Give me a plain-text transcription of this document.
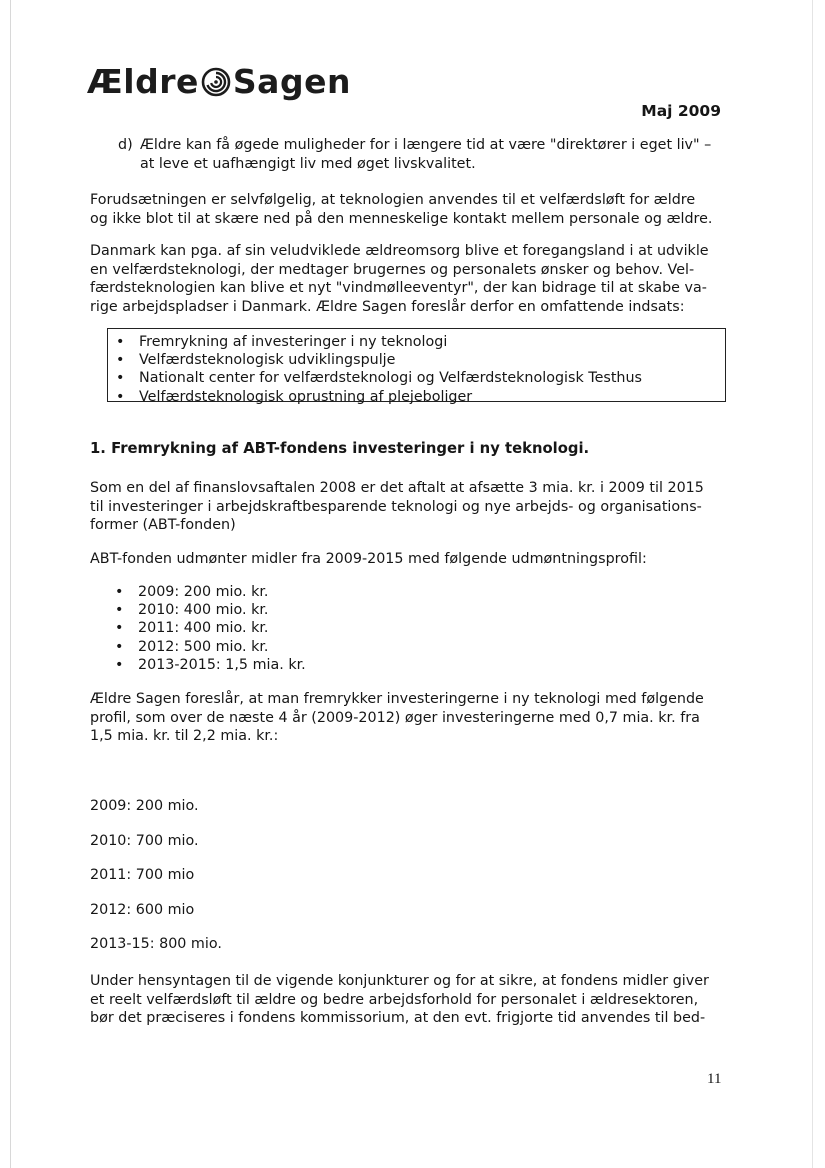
Ældre Sagen
Maj 2009
d) Ældre kan få øgede muligheder for i længere tid at være "direktører i eget liv" –

at leve et uafhængigt liv med øget livskvalitet.

Forudsætningen er selvfølgelig, at teknologien anvendes til et velfærdsløft for ældre

og ikke blot til at skære ned på den menneskelige kontakt mellem personale og ældre.

Danmark kan pga. af sin veludviklede ældreomsorg blive et foregangsland i at udvikle

en velfærdsteknologi, der medtager brugernes og personalets ønsker og behov. Vel-

færdsteknologien kan blive et nyt "vindmølleeventyr", der kan bidrage til at skabe va-

rige arbejdspladser i Danmark. Ældre Sagen foreslår derfor en omfattende indsats:

• Fremrykning af investeringer i ny teknologi
• Velfærdsteknologisk udviklingspulje
• Nationalt center for velfærdsteknologi og Velfærdsteknologisk Testhus
• Velfærdsteknologisk oprustning af plejeboliger
1. Fremrykning af ABT-fondens investeringer i ny teknologi.

Som en del af finanslovsaftalen 2008 er det aftalt at afsætte 3 mia. kr. i 2009 til 2015

til investeringer i arbejdskraftbesparende teknologi og nye arbejds- og organisations-

former (ABT-fonden)

ABT-fonden udmønter midler fra 2009-2015 med følgende udmøntningsprofil:

• 2009: 200 mio. kr.
• 2010: 400 mio. kr.
• 2011: 400 mio. kr.
• 2012: 500 mio. kr.
• 2013-2015: 1,5 mia. kr.

Ældre Sagen foreslår, at man fremrykker investeringerne i ny teknologi med følgende

profil, som over de næste 4 år (2009-2012) øger investeringerne med 0,7 mia. kr. fra

1,5 mia. kr. til 2,2 mia. kr.:

2009: 200 mio.
2010: 700 mio.
2011: 700 mio
2012: 600 mio
2013-15: 800 mio.

Under hensyntagen til de vigende konjunkturer og for at sikre, at fondens midler giver

et reelt velfærdsløft til ældre og bedre arbejdsforhold for personalet i ældresektoren,

bør det præciseres i fondens kommissorium, at den evt. frigjorte tid anvendes til bed-

11
